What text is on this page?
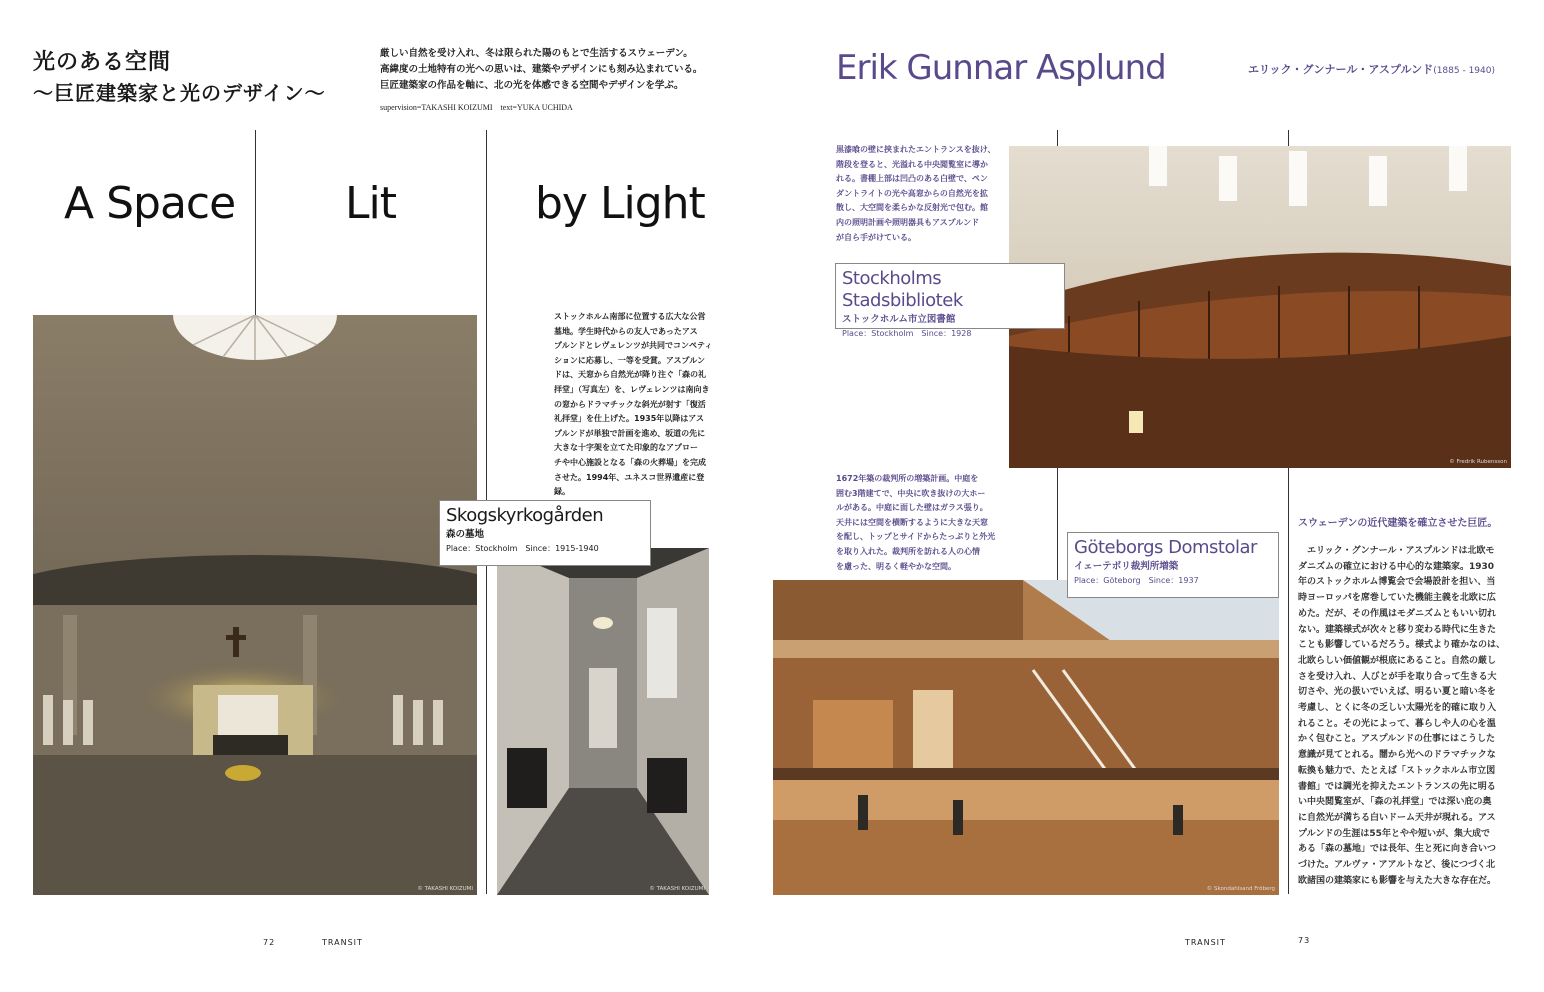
光のある空間
〜巨匠建築家と光のデザイン〜
厳しい自然を受け入れ、冬は限られた陽のもとで生活するスウェーデン。
高緯度の土地特有の光への思いは、建築やデザインにも刻み込まれている。
巨匠建築家の作品を軸に、北の光を体感できる空間やデザインを学ぶ。
supervision=TAKASHI KOIZUMI　text=YUKA UCHIDA
A Space Lit	by Light
© TAKASHI KOIZUMI
ストックホルム南部に位置する広大な公営
墓地。学生時代からの友人であったアス
プルンドとレヴェレンツが共同でコンペティ
ションに応募し、一等を受賞。アスプルン
ドは、天窓から自然光が降り注ぐ「森の礼
拝堂」（写真左）を、レヴェレンツは南向き
の窓からドラマチックな斜光が射す「復活
礼拝堂」を仕上げた。1935年以降はアス
プルンドが単独で計画を進め、坂道の先に
大きな十字架を立てた印象的なアプロー
チや中心施設となる「森の火葬場」を完成
させた。1994年、ユネスコ世界遺産に登録。
© TAKASHI KOIZUMI
Skogskyrkogården
森の墓地
Place：Stockholm　Since：1915-1940
72	TRANSIT
Erik Gunnar Asplund	エリック・グンナール・アスプルンド(1885 - 1940)
黒漆喰の壁に挟まれたエントランスを抜け、
階段を登ると、光溢れる中央閲覧室に導か
れる。書棚上部は凹凸のある白壁で、ペン
ダントライトの光や高窓からの自然光を拡
散し、大空間を柔らかな反射光で包む。館
内の照明計画や照明器具もアスプルンド
が自ら手がけている。
© Fredrik Rubensson
Stockholms Stadsbibliotek
ストックホルム市立図書館
Place：Stockholm　Since：1928
1672年築の裁判所の増築計画。中庭を
囲む3階建てで、中央に吹き抜けの大ホー
ルがある。中庭に面した壁はガラス張り。
天井には空間を横断するように大きな天窓
を配し、トップとサイドからたっぷりと外光
を取り入れた。裁判所を訪れる人の心情
を慮った、明るく軽やかな空間。
© Skondahlsand Fröberg
Göteborgs Domstolar
イェーテボリ裁判所増築
Place：Göteborg　Since：1937
スウェーデンの近代建築を確立させた巨匠。
　エリック・グンナール・アスプルンドは北欧モ
ダニズムの確立における中心的な建築家。1930
年のストックホルム博覧会で会場設計を担い、当
時ヨーロッパを席巻していた機能主義を北欧に広
めた。だが、その作風はモダニズムともいい切れ
ない。建築様式が次々と移り変わる時代に生きた
ことも影響しているだろう。様式より確かなのは、
北欧らしい価値観が根底にあること。自然の厳し
さを受け入れ、人びとが手を取り合って生きる大
切さや、光の扱いでいえば、明るい夏と暗い冬を
考慮し、とくに冬の乏しい太陽光を的確に取り入
れること。その光によって、暮らしや人の心を温
かく包むこと。アスプルンドの仕事にはこうした
意識が見てとれる。闇から光へのドラマチックな
転換も魅力で、たとえば「ストックホルム市立図
書館」では調光を抑えたエントランスの先に明る
い中央閲覧室が、「森の礼拝堂」では深い庇の奥
に自然光が満ちる白いドーム天井が現れる。アス
プルンドの生涯は55年とやや短いが、集大成で
ある「森の墓地」では長年、生と死に向き合いつ
づけた。アルヴァ・アアルトなど、後につづく北
欧諸国の建築家にも影響を与えた大きな存在だ。
TRANSIT	73
